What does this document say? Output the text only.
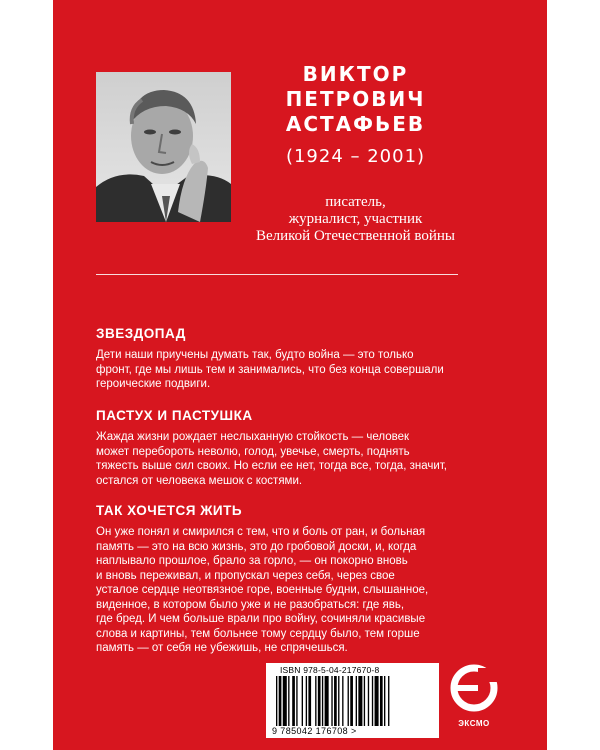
ВИКТОР
ПЕТРОВИЧ
АСТАФЬЕВ
(1924 – 2001)
писатель,
журналист, участник
Великой Отечественной войны
ЗВЕЗДОПАД

Дети наши приучены думать так, будто война — это только
фронт, где мы лишь тем и занимались, что без конца совершали
героические подвиги.

ПАСТУХ И ПАСТУШКА

Жажда жизни рождает неслыханную стойкость — человек
может перебороть неволю, голод, увечье, смерть, поднять
тяжесть выше сил своих. Но если ее нет, тогда все, тогда, значит,
остался от человека мешок с костями.

ТАК ХОЧЕТСЯ ЖИТЬ

Он уже понял и смирился с тем, что и боль от ран, и больная
память — это на всю жизнь, это до гробовой доски, и, когда
наплывало прошлое, брало за горло, — он покорно вновь
и вновь переживал, и пропускал через себя, через свое
усталое сердце неотвязное горе, военные будни, слышанное,
виденное, в котором было уже и не разобраться: где явь,
где бред. И чем больше врали про войну, сочиняли красивые
слова и картины, тем больнее тому сердцу было, тем горше
память — от себя не убежишь, не спрячешься.

ISBN 978-5-04-217670-8
9 785042 176708 >
ЭКСМО
